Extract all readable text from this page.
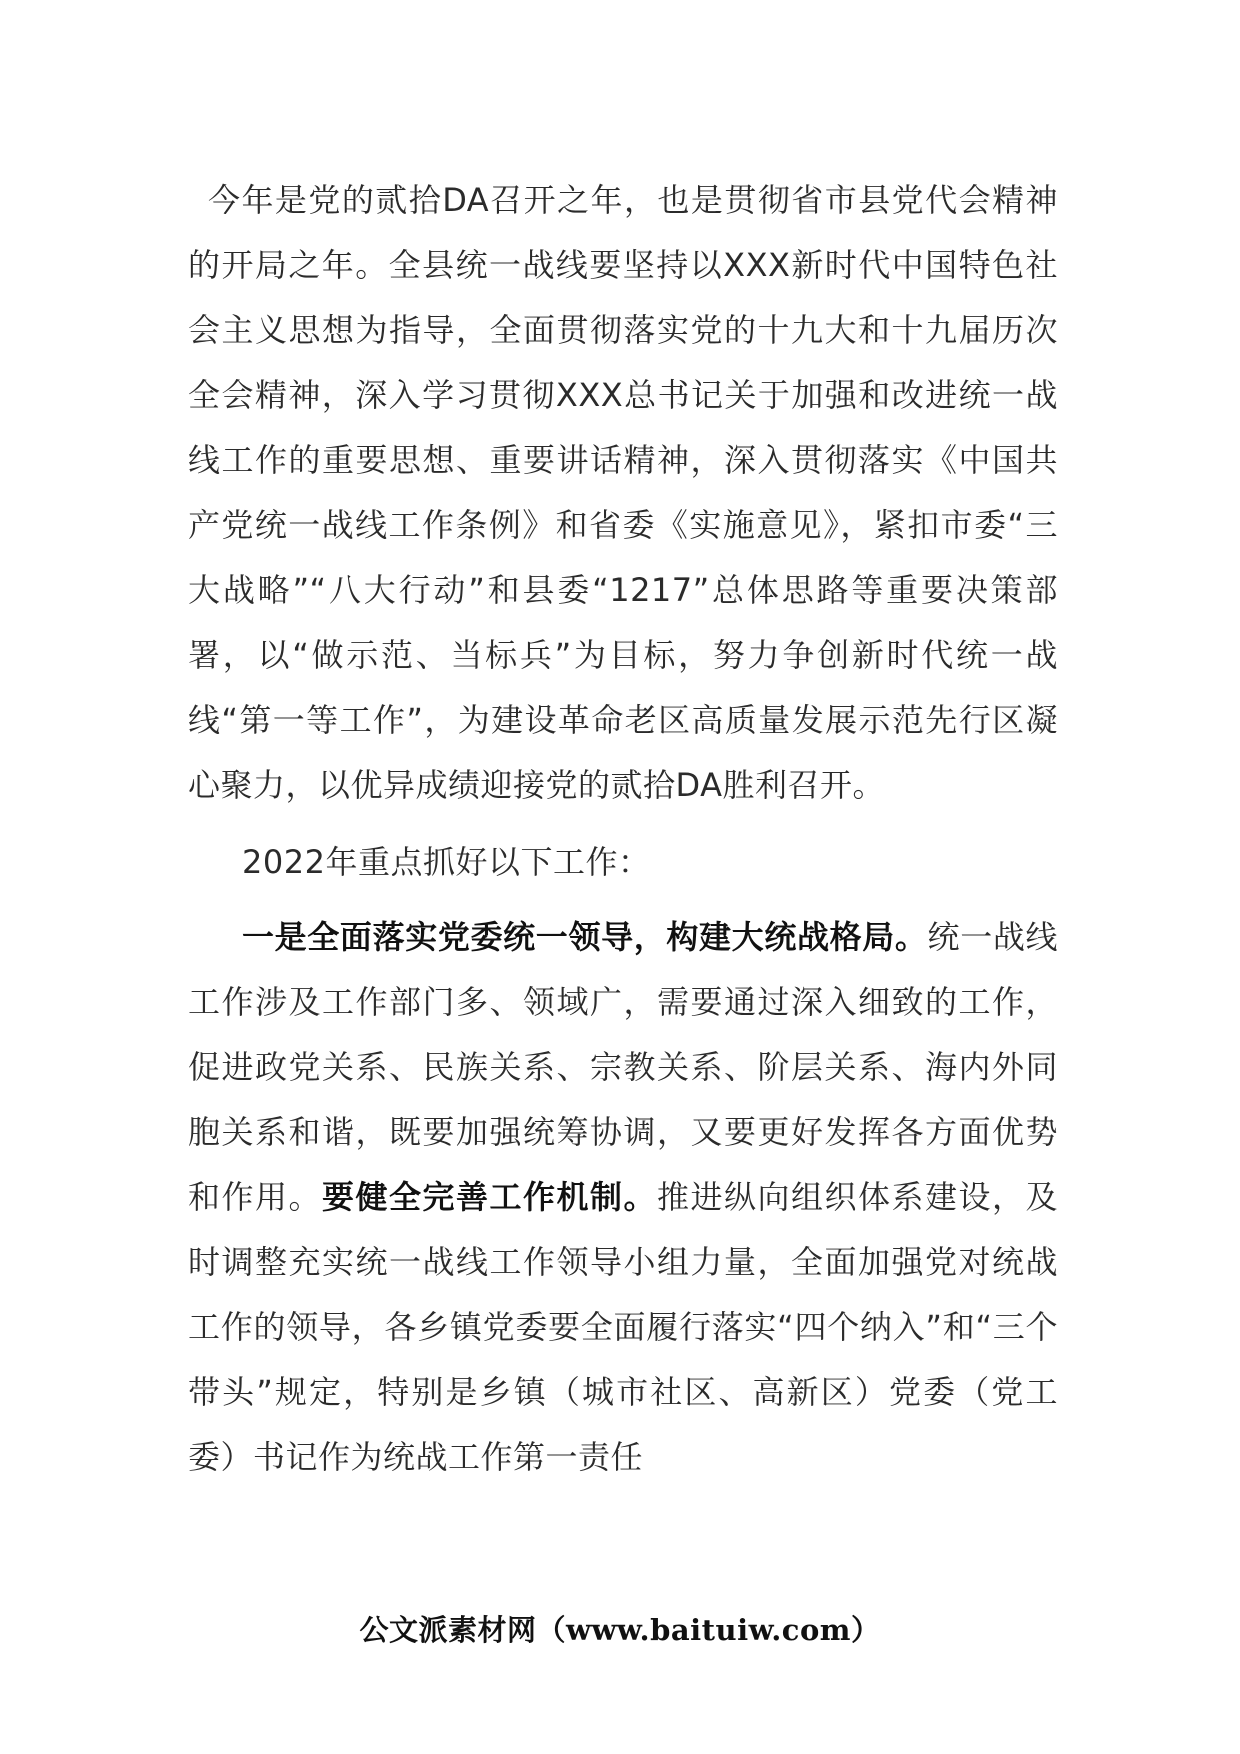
今年是党的贰拾DA召开之年，也是贯彻省市县党代会精神的开局之年。全县统一战线要坚持以XXX新时代中国特色社会主义思想为指导，全面贯彻落实党的十九大和十九届历次全会精神，深入学习贯彻XXX总书记关于加强和改进统一战线工作的重要思想、重要讲话精神，深入贯彻落实《中国共产党统一战线工作条例》和省委《实施意见》，紧扣市委“三大战略”“八大行动”和县委“1217”总体思路等重要决策部署，以“做示范、当标兵”为目标，努力争创新时代统一战线“第一等工作”，为建设革命老区高质量发展示范先行区凝心聚力，以优异成绩迎接党的贰拾DA胜利召开。

2022年重点抓好以下工作：

一是全面落实党委统一领导，构建大统战格局。统一战线工作涉及工作部门多、领域广，需要通过深入细致的工作，促进政党关系、民族关系、宗教关系、阶层关系、海内外同胞关系和谐，既要加强统筹协调，又要更好发挥各方面优势和作用。要健全完善工作机制。推进纵向组织体系建设，及时调整充实统一战线工作领导小组力量，全面加强党对统战工作的领导，各乡镇党委要全面履行落实“四个纳入”和“三个带头”规定，特别是乡镇（城市社区、高新区）党委（党工委）书记作为统战工作第一责任

公文派素材网（www.baituiw.com）
